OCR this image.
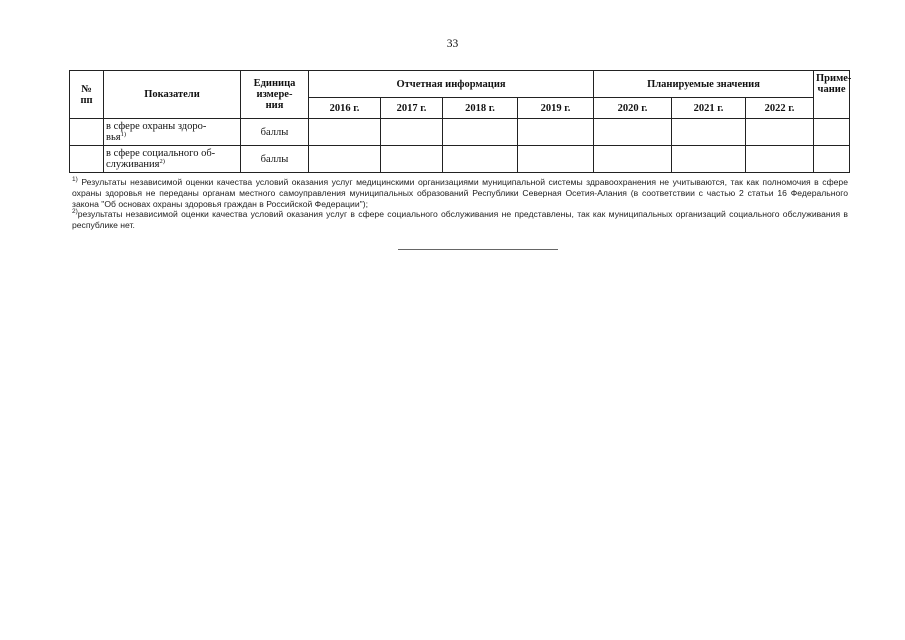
33
№
пп	Показатели	Единица
измере-
ния	Отчетная информация				Планируемые значения			Приме-
чание
			2016 г.	2017 г.	2018 г.	2019 г.	2020 г.	2021 г.	2022 г.	
	в сфере охраны здоро-
вья$^{1)}$	баллы								
	в сфере социального об-
служивания$^{2)}$	баллы								

$^{1)}$ Результаты независимой оценки качества условий оказания услуг медицинскими организациями муниципальной системы здравоохранения не учитываются, так как полномочия в сфере охраны здоровья не переданы органам местного самоуправления муниципальных образований Республики Северная Осетия-Алания (в соответствии с частью 2 статьи 16 Федерального закона "Об основах охраны здоровья граждан в Российской Федерации");

$^{2)}$результаты независимой оценки качества условий оказания услуг в сфере социального обслуживания не представлены, так как муниципальных организаций социального обслуживания в республике нет.
